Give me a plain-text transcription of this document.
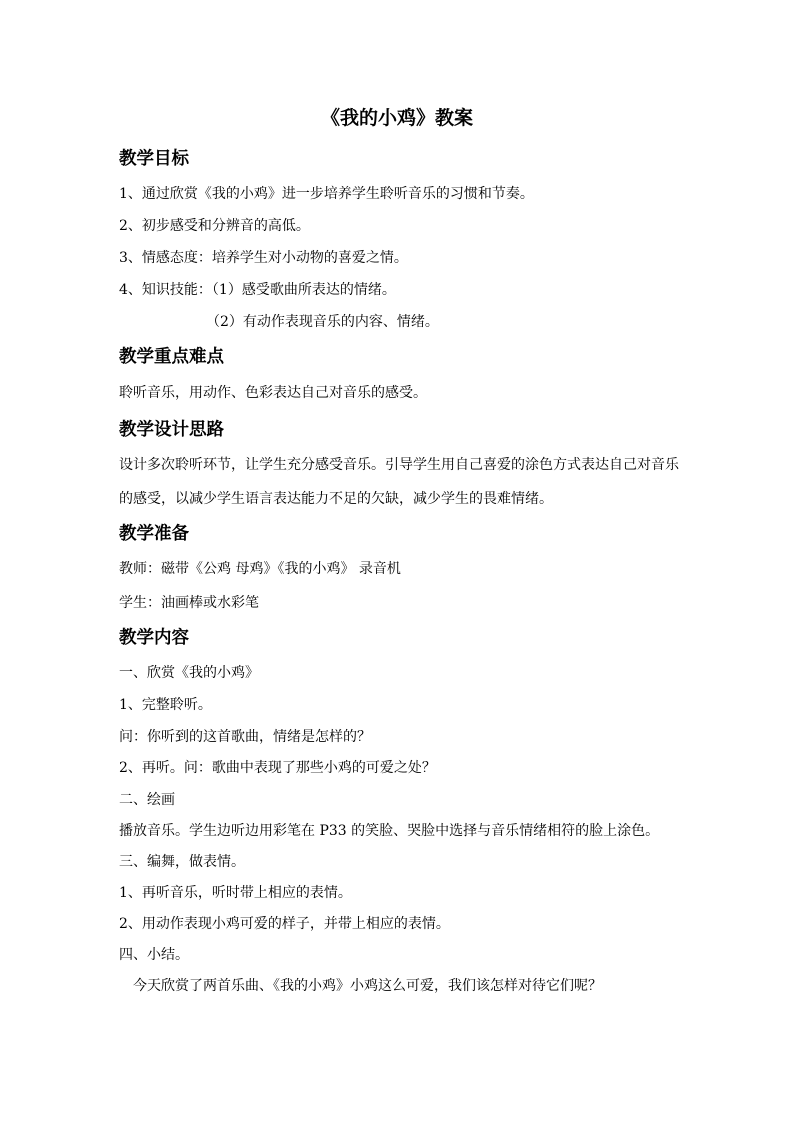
《我的小鸡》教案
教学目标
1、通过欣赏《我的小鸡》进一步培养学生聆听音乐的习惯和节奏。
2、初步感受和分辨音的高低。
3、情感态度：培养学生对小动物的喜爱之情。
4、知识技能：（1）感受歌曲所表达的情绪。
（2）有动作表现音乐的内容、情绪。
教学重点难点
聆听音乐，用动作、色彩表达自己对音乐的感受。
教学设计思路
设计多次聆听环节，让学生充分感受音乐。引导学生用自己喜爱的涂色方式表达自己对音乐
的感受，以减少学生语言表达能力不足的欠缺，减少学生的畏难情绪。
教学准备
教师：磁带《公鸡 母鸡》《我的小鸡》 录音机
学生：油画棒或水彩笔
教学内容
一、欣赏《我的小鸡》
1、完整聆听。
问：你听到的这首歌曲，情绪是怎样的？
2、再听。问：歌曲中表现了那些小鸡的可爱之处？
二、绘画
播放音乐。学生边听边用彩笔在 P33 的笑脸、哭脸中选择与音乐情绪相符的脸上涂色。
三、编舞，做表情。
1、再听音乐，听时带上相应的表情。
2、用动作表现小鸡可爱的样子，并带上相应的表情。
四、小结。
今天欣赏了两首乐曲、《我的小鸡》小鸡这么可爱，我们该怎样对待它们呢？
